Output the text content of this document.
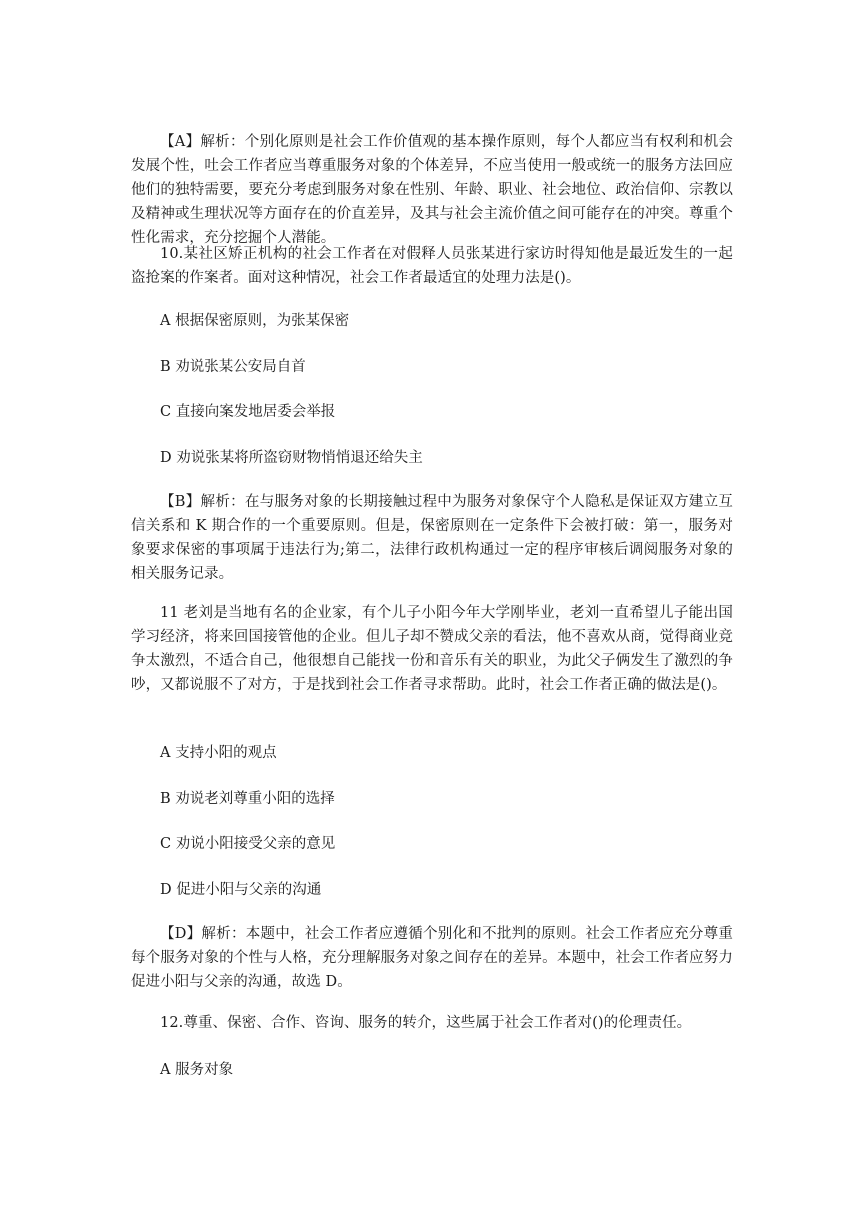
【A】解析：个别化原则是社会工作价值观的基本操作原则，每个人都应当有权利和机会发展个性，吐会工作者应当尊重服务对象的个体差异，不应当使用一般或统一的服务方法回应他们的独特需要，要充分考虑到服务对象在性别、年龄、职业、社会地位、政治信仰、宗教以及精神或生理状况等方面存在的价直差异，及其与社会主流价值之间可能存在的冲突。尊重个性化需求，充分挖掘个人潜能。

10.某社区矫正机构的社会工作者在对假释人员张某进行家访时得知他是最近发生的一起盗抢案的作案者。面对这种情况，社会工作者最适宜的处理力法是()。

A 根据保密原则，为张某保密

B 劝说张某公安局自首

C 直接向案发地居委会举报

D 劝说张某将所盗窃财物悄悄退还给失主

【B】解析：在与服务对象的长期接触过程中为服务对象保守个人隐私是保证双方建立互信关系和 K 期合作的一个重要原则。但是，保密原则在一定条件下会被打破：第一，服务对象要求保密的事项属于违法行为;第二，法律行政机构通过一定的程序审核后调阅服务对象的相关服务记录。

11 老刘是当地有名的企业家，有个儿子小阳今年大学刚毕业，老刘一直希望儿子能出国学习经济，将来回国接管他的企业。但儿子却不赞成父亲的看法，他不喜欢从商，觉得商业竞争太激烈，不适合自己，他很想自己能找一份和音乐有关的职业，为此父子俩发生了激烈的争吵，又都说服不了对方，于是找到社会工作者寻求帮助。此时，社会工作者正确的做法是()。

A 支持小阳的观点

B 劝说老刘尊重小阳的选择

C 劝说小阳接受父亲的意见

D 促进小阳与父亲的沟通

【D】解析：本题中，社会工作者应遵循个别化和不批判的原则。社会工作者应充分尊重每个服务对象的个性与人格，充分理解服务对象之间存在的差异。本题中，社会工作者应努力促进小阳与父亲的沟通，故选 D。

12.尊重、保密、合作、咨询、服务的转介，这些属于社会工作者对()的伦理责任。

A 服务对象
